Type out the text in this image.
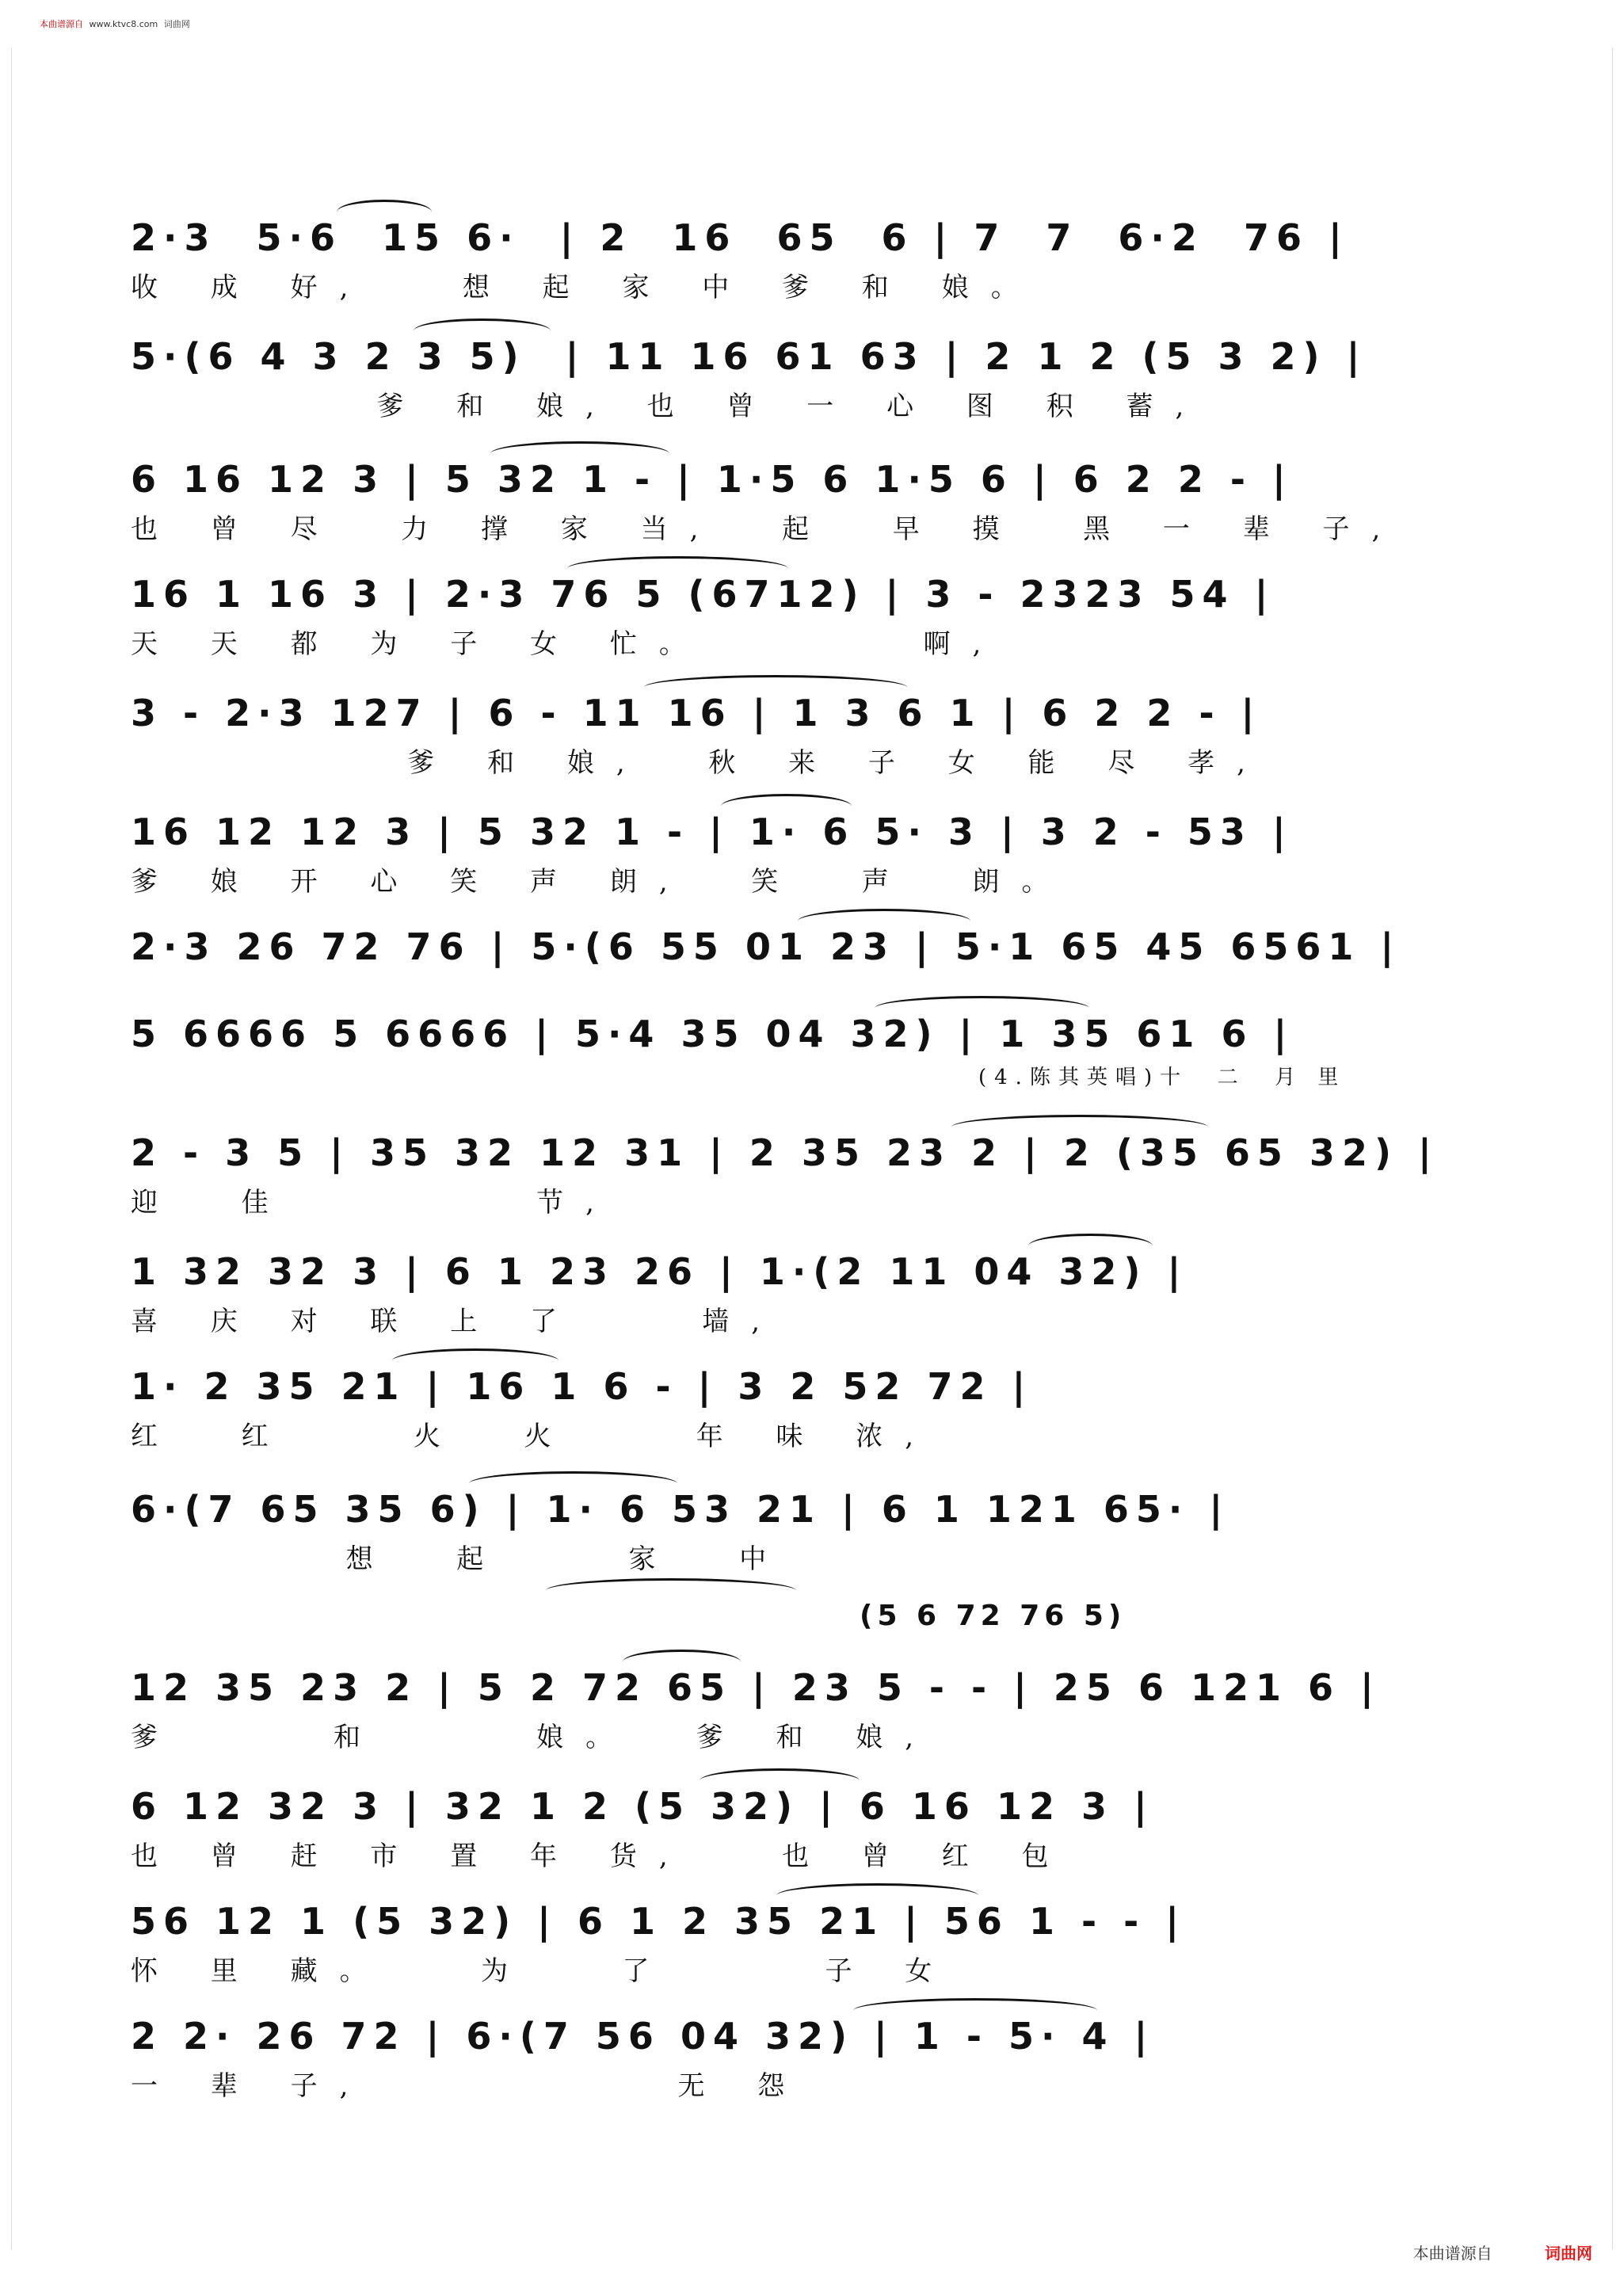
本曲谱源自 www.ktvc8.com 词曲网
2·3  5·6  15 6·  | 2  16  65  6 | 7  7  6·2  76 |
收 成 好,   想 起 家 中 爹 和 娘。
5·(6 4 3 2 3 5)  | 11 16 61 63 | 2 1 2 (5 3 2) |
爹 和 娘, 也 曾 一 心 图 积 蓄,
6 16 12 3 | 5 32 1 - | 1·5 6 1·5 6 | 6 2 2 - |
也 曾 尽  力 撑 家 当,  起  早 摸  黑 一 辈 子,
16 1 16 3 | 2·3 76 5 (6712) | 3 - 2323 54 |
天 天 都 为 子 女 忙。       啊,
3 - 2·3 127 | 6 - 11 16 | 1 3 6 1 | 6 2 2 - |
爹 和 娘,  秋 来 子 女 能 尽 孝,
16 12 12 3 | 5 32 1 - | 1· 6 5· 3 | 3 2 - 53 |
爹 娘 开 心 笑 声 朗,  笑  声  朗。
2·3 26 72 76 | 5·(6 55 01 23 | 5·1 65 45 6561 |
5 6666 5 6666 | 5·4 35 04 32) | 1 35 61 6 |
(4.陈其英唱)十  二  月 里
2 - 3 5 | 35 32 12 31 | 2 35 23 2 | 2 (35 65 32) |
迎  佳        节,
1 32 32 3 | 6 1 23 26 | 1·(2 11 04 32) |
喜 庆 对 联 上 了    墙,
1· 2 35 21 | 16 1 6 - | 3 2 52 72 |
红  红    火  火    年 味 浓,
6·(7 65 35 6) | 1· 6 53 21 | 6 1 121 65· |
想  起    家  中
(5 6 72 76 5)
12 35 23 2 | 5 2 72 65 | 23 5 - - | 25 6 121 6 |
爹     和     娘。  爹 和 娘,
6 12 32 3 | 32 1 2 (5 32) | 6 16 12 3 |
也 曾 赶 市 置 年 货,   也 曾 红 包
56 12 1 (5 32) | 6 1 2 35 21 | 56 1 - - |
怀 里 藏。   为   了     子 女
2 2· 26 72 | 6·(7 56 04 32) | 1 - 5· 4 |
一 辈 子,          无 怨
本曲谱源自	词曲网
